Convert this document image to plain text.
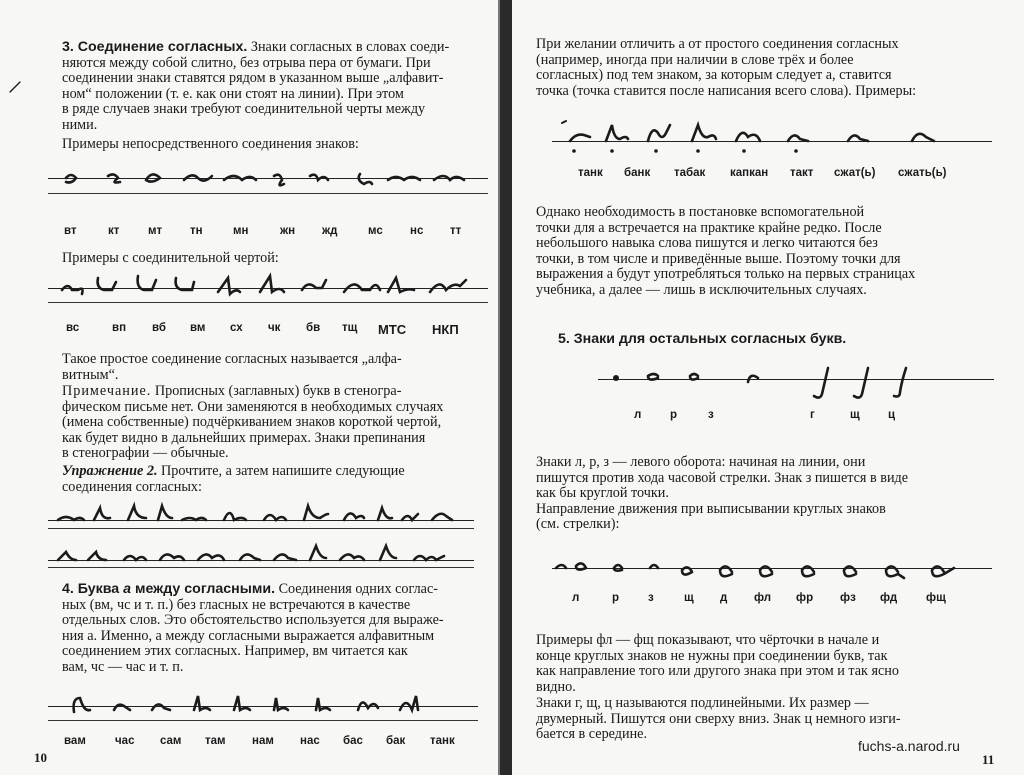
3. Соединение согласных. Знаки согласных в словах соеди-
няются между собой слитно, без отрыва пера от бумаги. При
соединении знаки ставятся рядом в указанном выше „алфавит-
ном“ положении (т. е. как они стоят на линии). При этом
в ряде случаев знаки требуют соединительной черты между
ними.
Примеры непосредственного соединения знаков:
вт	кт мт тн	мн	жн жд	мс нс тт
Примеры с соединительной чертой:
вс	вп вб вм сх чк бв тщ МТС НКП
Такое простое соединение согласных называется „алфа-
витным“.
Примечание. Прописных (заглавных) букв в стеногра-
фическом письме нет. Они заменяются в необходимых случаях
(имена собственные) подчёркиванием знаков короткой чертой,
как будет видно в дальнейших примерах. Знаки препинания
в стенографии — обычные.
Упражнение 2. Прочтите, а затем напишите следующие
соединения согласных:
4. Буква а между согласными. Соединения одних соглас-
ных (вм, чс и т. п.) без гласных не встречаются в качестве
отдельных слов. Это обстоятельство используется для выраже-
ния а. Именно, а между согласными выражается алфавитным
соединением этих согласных. Например, вм читается как
вам, чс — час и т. п.
вам	час сам там нам нас бас бак танк
10
При желании отличить а от простого соединения согласных
(например, иногда при наличии в слове трёх и более
согласных) под тем знаком, за которым следует а, ставится
точка (точка ставится после написания всего слова). Примеры:
танк банк табак капкан такт сжат(ь) сжать(ь)
Однако необходимость в постановке вспомогательной
точки для а встречается на практике крайне редко. После
небольшого навыка слова пишутся и легко читаются без
точки, в том числе и приведённые выше. Поэтому точки для
выражения а будут употребляться только на первых страницах
учебника, а далее — лишь в исключительных случаях.
5. Знаки для остальных согласных букв.
л р	з	г	щ ц
Знаки л, р, з — левого оборота: начиная на линии, они
пишутся против хода часовой стрелки. Знак з пишется в виде
как бы круглой точки.
Направление движения при выписывании круглых знаков
(см. стрелки):
л	р	з	щ д фл фр фз фд	фщ
Примеры фл — фщ показывают, что чёрточки в начале и
конце круглых знаков не нужны при соединении букв, так
как направление того или другого знака при этом и так ясно
видно.
Знаки г, щ, ц называются подлинейными. Их размер —
двумерный. Пишутся они сверху вниз. Знак ц немного изги-
бается в середине.
fuchs-a.narod.ru
11
